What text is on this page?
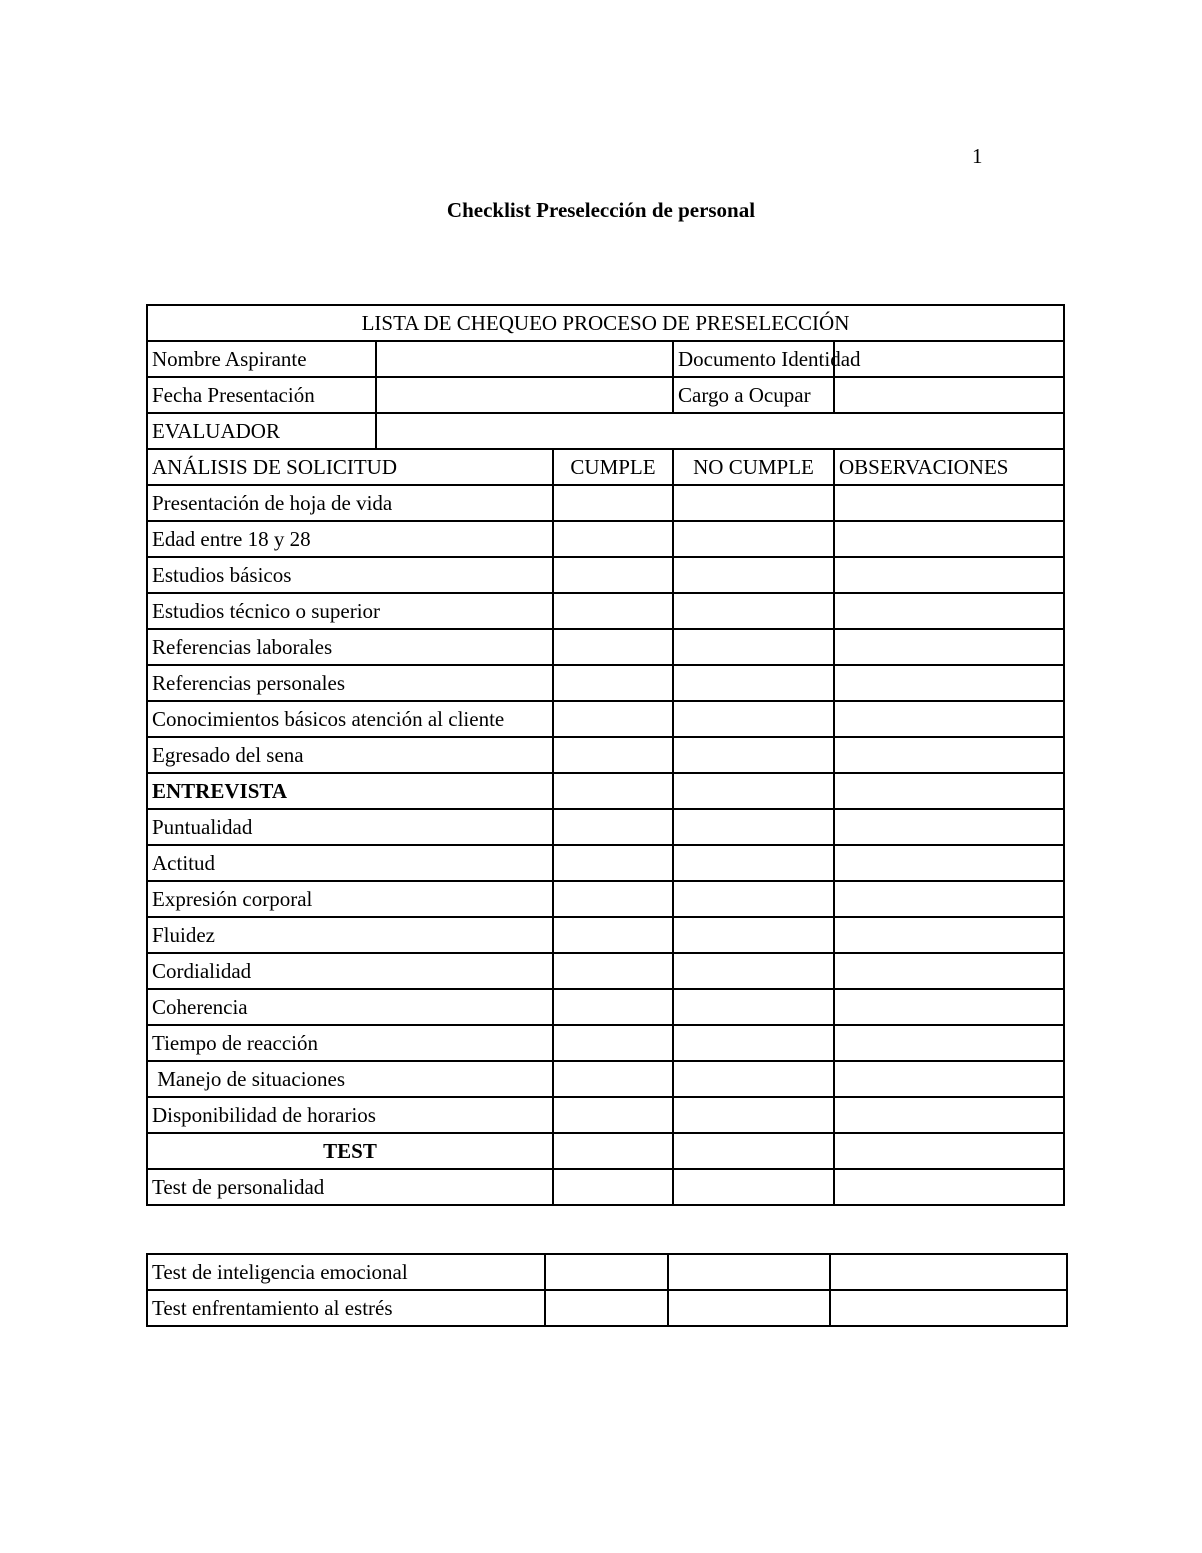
1
Checklist Preselección de personal
LISTA DE CHEQUEO PROCESO DE PRESELECCIÓN				
Nombre Aspirante			Documento Identidad	
Fecha Presentación			Cargo a Ocupar	
EVALUADOR				
ANÁLISIS DE SOLICITUD		CUMPLE	NO CUMPLE	OBSERVACIONES
Presentación de hoja de vida				
Edad entre 18 y 28				
Estudios básicos				
Estudios técnico o superior				
Referencias laborales				
Referencias personales				
Conocimientos básicos atención al cliente				
Egresado del sena				
ENTREVISTA				
Puntualidad				
Actitud				
Expresión corporal				
Fluidez				
Cordialidad				
Coherencia				
Tiempo de reacción				
Manejo de situaciones				
Disponibilidad de horarios				
TEST				
Test de personalidad				
Test de inteligencia emocional			
Test enfrentamiento al estrés			
